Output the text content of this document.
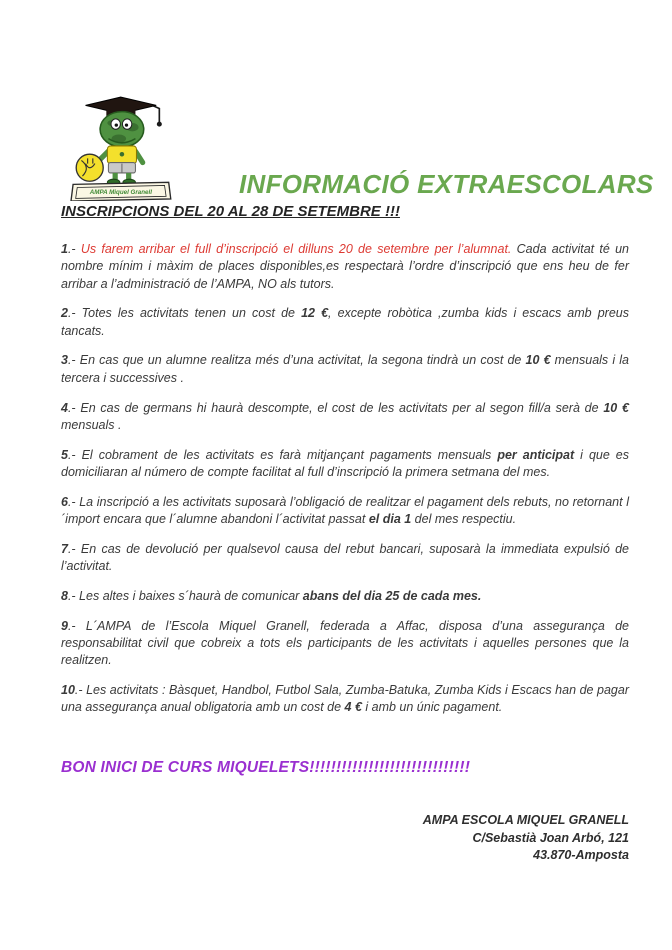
AMPA Miquel Granell	INFORMACIÓ EXTRAESCOLARS
INSCRIPCIONS DEL 20 AL 28 DE SETEMBRE !!!

1.- Us farem arribar el full d’inscripció el dilluns 20 de setembre per l’alumnat. Cada activitat té un nombre mínim i màxim de places disponibles,es respectarà l’ordre d’inscripció que ens heu de fer arribar a l’administració de l’AMPA, NO als tutors.

2.- Totes les activitats tenen un cost de 12 €, excepte robòtica ,zumba kids i escacs amb preus tancats.

3.- En cas que un alumne realitza més d’una activitat, la segona tindrà un cost de 10 € mensuals i la tercera i successives .

4.- En cas de germans hi haurà descompte, el cost de les activitats per al segon fill/a serà de 10 € mensuals .

5.- El cobrament de les activitats es farà mitjançant pagaments mensuals per anticipat i que es domiciliaran al número de compte facilitat al full d’inscripció la primera setmana del mes.

6.- La inscripció a les activitats suposarà l’obligació de realitzar el pagament dels rebuts, no retornant l´import encara que l´alumne abandoni l´activitat passat el dia 1 del mes respectiu.

7.- En cas de devolució per qualsevol causa del rebut bancari, suposarà la immediata expulsió de l’activitat.

8.- Les altes i baixes s´haurà de comunicar abans del dia 25 de cada mes.

9.- L´AMPA de l’Escola Miquel Granell, federada a Affac, disposa d’una assegurança de responsabilitat civil que cobreix a tots els participants de les activitats i aquelles persones que la realitzen.

10.- Les activitats : Bàsquet, Handbol, Futbol Sala, Zumba-Batuka, Zumba Kids i Escacs han de pagar una assegurança anual obligatoria amb un cost de 4 € i amb un únic pagament.

BON INICI DE CURS MIQUELETS!!!!!!!!!!!!!!!!!!!!!!!!!!!!!!

AMPA ESCOLA MIQUEL GRANELL
C/Sebastià Joan Arbó, 121
43.870-Amposta
